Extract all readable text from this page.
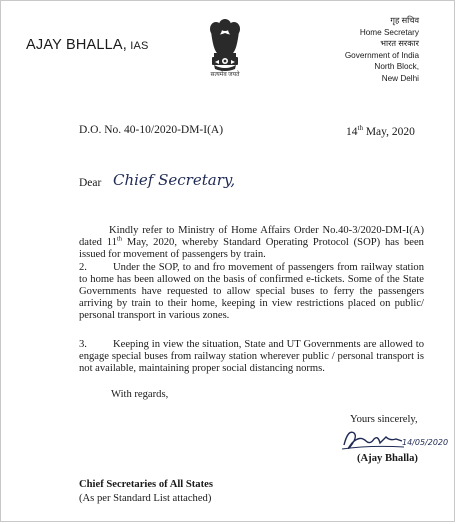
AJAY BHALLA, IAS
सत्यमेव जयते
गृह सचिव
Home Secretary
भारत सरकार
Government of India
North Block,
New Delhi
D.O. No. 40-10/2020-DM-I(A)	14th May, 2020
Dear Chief Secretary,
Kindly refer to Ministry of Home Affairs Order No.40-3/2020-DM-I(A) dated 11th May, 2020, whereby Standard Operating Protocol (SOP) has been issued for movement of passengers by train.
2. Under the SOP, to and fro movement of passengers from railway station to home has been allowed on the basis of confirmed e-tickets. Some of the State Governments have requested to allow special buses to ferry the passengers arriving by train to their home, keeping in view restrictions placed on public/ personal transport in various zones.
3. Keeping in view the situation, State and UT Governments are allowed to engage special buses from railway station wherever public / personal transport is not available, maintaining proper social distancing norms.
With regards,
Yours sincerely,
14/05/2020
(Ajay Bhalla)
Chief Secretaries of All States
(As per Standard List attached)
